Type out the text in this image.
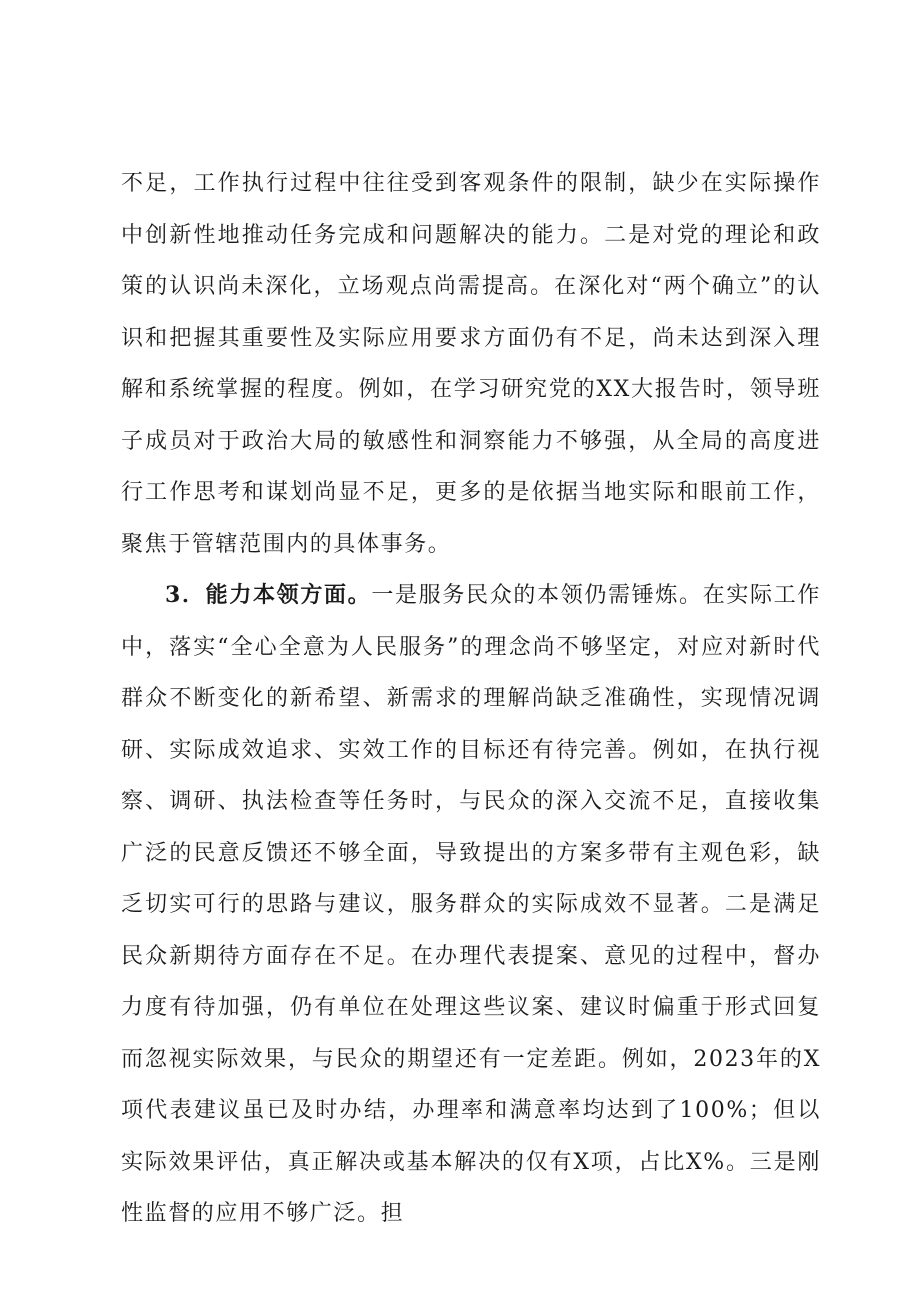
不足，工作执行过程中往往受到客观条件的限制，缺少在实际操作中创新性地推动任务完成和问题解决的能力。二是对党的理论和政策的认识尚未深化，立场观点尚需提高。在深化对“两个确立”的认识和把握其重要性及实际应用要求方面仍有不足，尚未达到深入理解和系统掌握的程度。例如，在学习研究党的XX大报告时，领导班子成员对于政治大局的敏感性和洞察能力不够强，从全局的高度进行工作思考和谋划尚显不足，更多的是依据当地实际和眼前工作，聚焦于管辖范围内的具体事务。

3．能力本领方面。一是服务民众的本领仍需锤炼。在实际工作中，落实“全心全意为人民服务”的理念尚不够坚定，对应对新时代群众不断变化的新希望、新需求的理解尚缺乏准确性，实现情况调研、实际成效追求、实效工作的目标还有待完善。例如，在执行视察、调研、执法检查等任务时，与民众的深入交流不足，直接收集广泛的民意反馈还不够全面，导致提出的方案多带有主观色彩，缺乏切实可行的思路与建议，服务群众的实际成效不显著。二是满足民众新期待方面存在不足。在办理代表提案、意见的过程中，督办力度有待加强，仍有单位在处理这些议案、建议时偏重于形式回复而忽视实际效果，与民众的期望还有一定差距。例如，2023年的X项代表建议虽已及时办结，办理率和满意率均达到了100%；但以实际效果评估，真正解决或基本解决的仅有X项，占比X%。三是刚性监督的应用不够广泛。担
